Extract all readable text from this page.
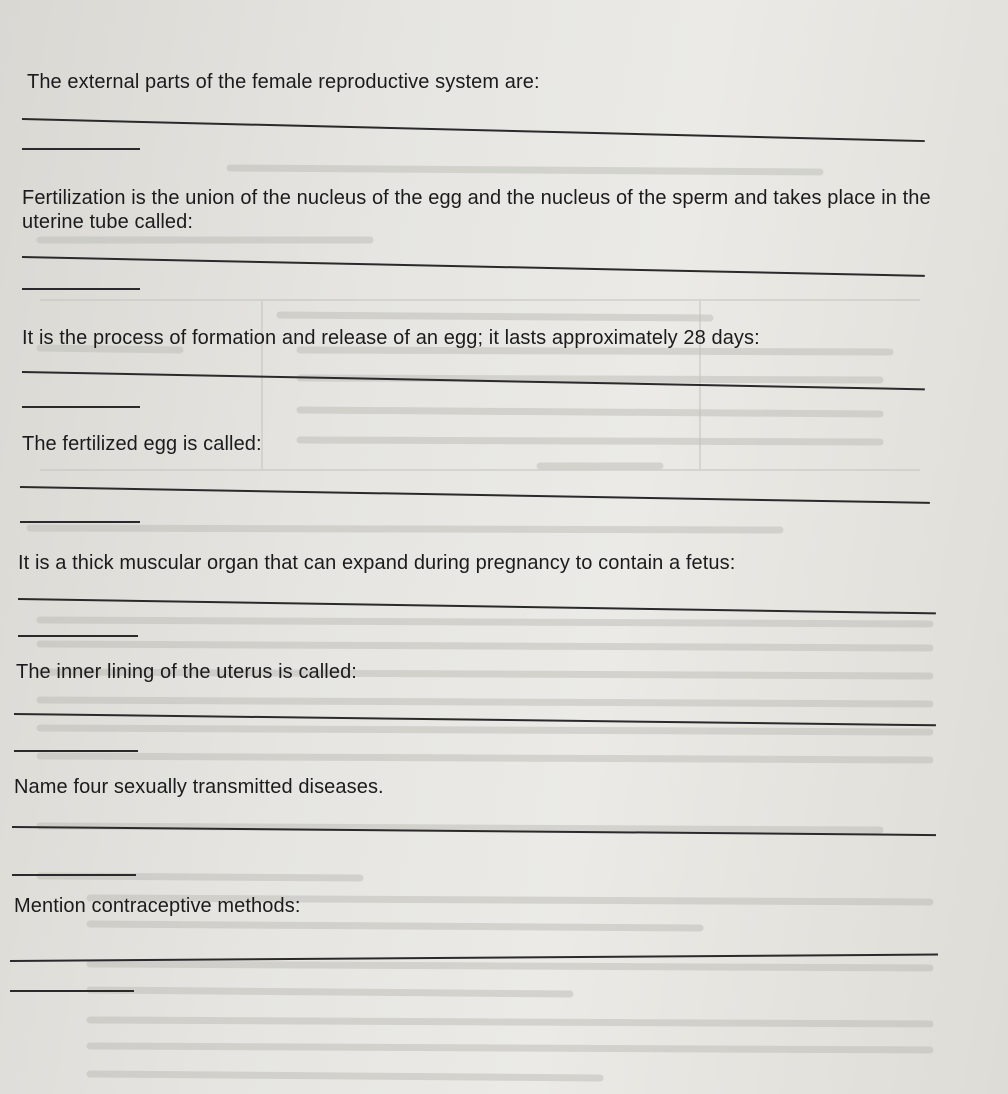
The external parts of the female reproductive system are:
Fertilization is the union of the nucleus of the egg and the nucleus of the sperm and takes place in the uterine tube called:
It is the process of formation and release of an egg; it lasts approximately 28 days:
The fertilized egg is called:
It is a thick muscular organ that can expand during pregnancy to contain a fetus:
The inner lining of the uterus is called:
Name four sexually transmitted diseases.
Mention contraceptive methods:
